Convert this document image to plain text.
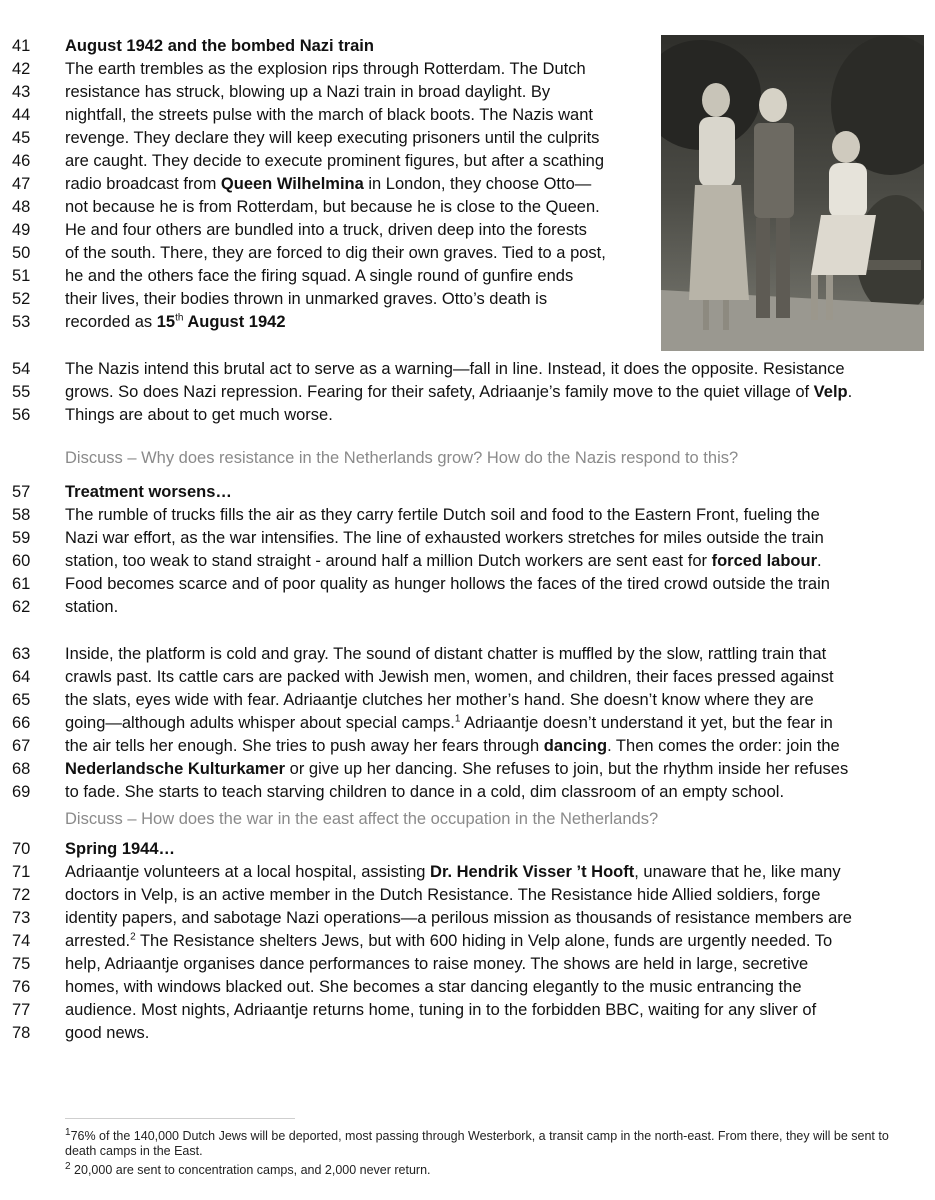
41	August 1942 and the bombed Nazi train
42	The earth trembles as the explosion rips through Rotterdam. The Dutch
43	resistance has struck, blowing up a Nazi train in broad daylight. By
44	nightfall, the streets pulse with the march of black boots. The Nazis want
45	revenge. They declare they will keep executing prisoners until the culprits
46	are caught. They decide to execute prominent figures, but after a scathing
47	radio broadcast from Queen Wilhelmina in London, they choose Otto—
48	not because he is from Rotterdam, but because he is close to the Queen.
49	He and four others are bundled into a truck, driven deep into the forests
50	of the south. There, they are forced to dig their own graves. Tied to a post,
51	he and the others face the firing squad. A single round of gunfire ends
52	their lives, their bodies thrown in unmarked graves. Otto’s death is
53	recorded as 15th August 1942
54	The Nazis intend this brutal act to serve as a warning—fall in line. Instead, it does the opposite. Resistance
55	grows. So does Nazi repression. Fearing for their safety, Adriaanje’s family move to the quiet village of Velp.
56	Things are about to get much worse.
57	Treatment worsens…
58	The rumble of trucks fills the air as they carry fertile Dutch soil and food to the Eastern Front, fueling the
59	Nazi war effort, as the war intensifies. The line of exhausted workers stretches for miles outside the train
60	station, too weak to stand straight - around half a million Dutch workers are sent east for forced labour.
61	Food becomes scarce and of poor quality as hunger hollows the faces of the tired crowd outside the train
62	station.
63	Inside, the platform is cold and gray. The sound of distant chatter is muffled by the slow, rattling train that
64	crawls past. Its cattle cars are packed with Jewish men, women, and children, their faces pressed against
65	the slats, eyes wide with fear. Adriaantje clutches her mother’s hand. She doesn’t know where they are
66	going—although adults whisper about special camps.$^1$ Adriaantje doesn’t understand it yet, but the fear in
67	the air tells her enough. She tries to push away her fears through dancing. Then comes the order: join the
68	Nederlandsche Kulturkamer or give up her dancing. She refuses to join, but the rhythm inside her refuses
69	to fade. She starts to teach starving children to dance in a cold, dim classroom of an empty school.
70	Spring 1944…
71	Adriaantje volunteers at a local hospital, assisting Dr. Hendrik Visser ’t Hooft, unaware that he, like many
72	doctors in Velp, is an active member in the Dutch Resistance. The Resistance hide Allied soldiers, forge
73	identity papers, and sabotage Nazi operations—a perilous mission as thousands of resistance members are
74	arrested.$^2$ The Resistance shelters Jews, but with 600 hiding in Velp alone, funds are urgently needed. To
75	help, Adriaantje organises dance performances to raise money. The shows are held in large, secretive
76	homes, with windows blacked out. She becomes a star dancing elegantly to the music entrancing the
77	audience. Most nights, Adriaantje returns home, tuning in to the forbidden BBC, waiting for any sliver of
78	good news.
Discuss – Why does resistance in the Netherlands grow? How do the Nazis respond to this?
Discuss – How does the war in the east affect the occupation in the Netherlands?
$^1$76% of the 140,000 Dutch Jews will be deported, most passing through Westerbork, a transit camp in the north-east. From there, they will be sent to death camps in the East.
$^2$ 20,000 are sent to concentration camps, and 2,000 never return.
